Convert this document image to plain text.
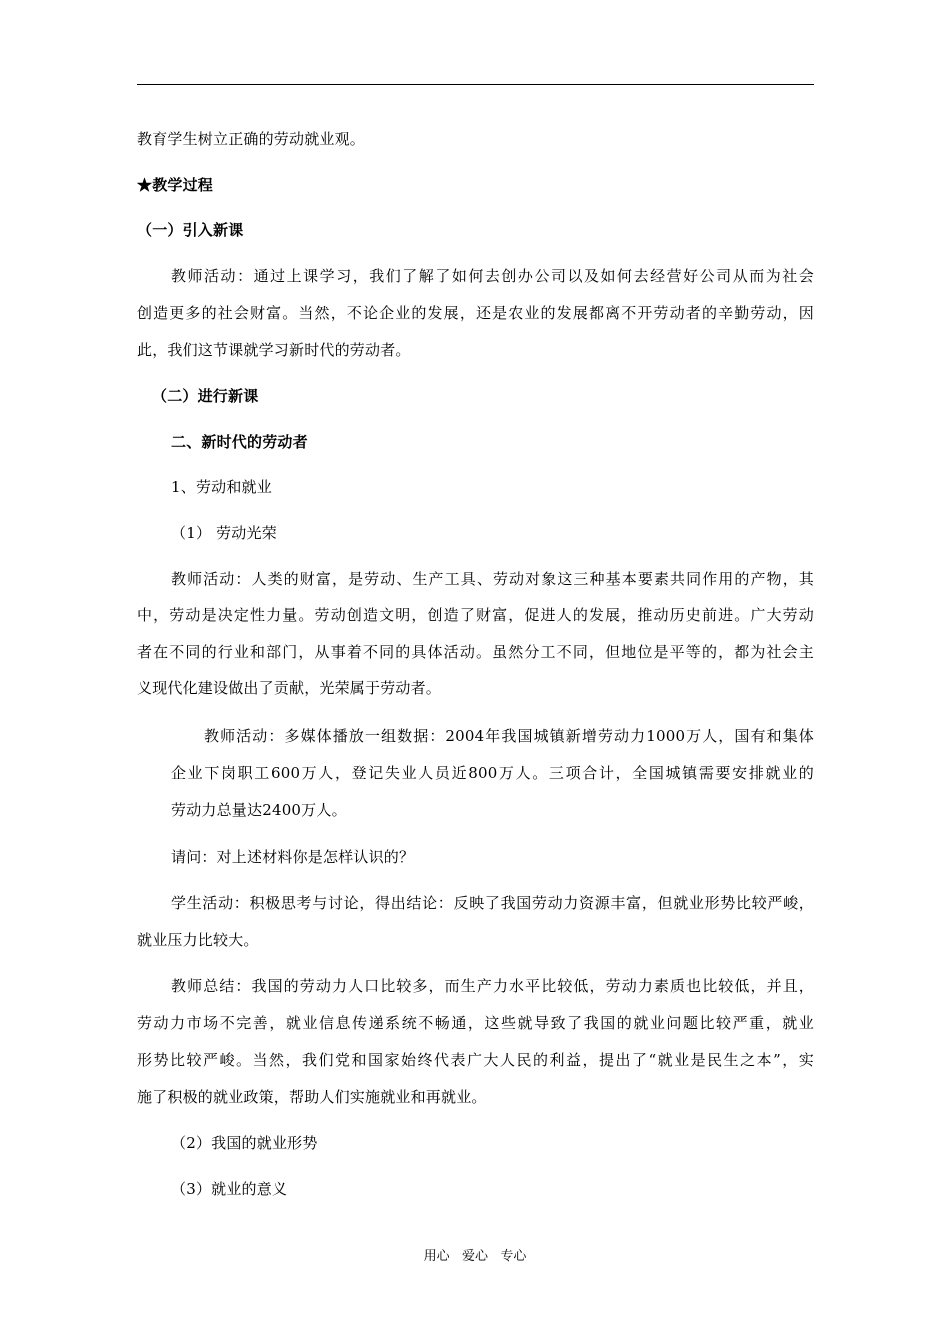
教育学生树立正确的劳动就业观。
★教学过程
（一）引入新课
教师活动：通过上课学习，我们了解了如何去创办公司以及如何去经营好公司从而为社会
创造更多的社会财富。当然，不论企业的发展，还是农业的发展都离不开劳动者的辛勤劳动，因
此，我们这节课就学习新时代的劳动者。
（二）进行新课
二、新时代的劳动者
1、劳动和就业
（1） 劳动光荣
教师活动：人类的财富，是劳动、生产工具、劳动对象这三种基本要素共同作用的产物，其
中，劳动是决定性力量。劳动创造文明，创造了财富，促进人的发展，推动历史前进。广大劳动
者在不同的行业和部门，从事着不同的具体活动。虽然分工不同，但地位是平等的，都为社会主
义现代化建设做出了贡献，光荣属于劳动者。
教师活动：多媒体播放一组数据：2004年我国城镇新增劳动力1000万人，国有和集体
企业下岗职工600万人，登记失业人员近800万人。三项合计，全国城镇需要安排就业的
劳动力总量达2400万人。
请问：对上述材料你是怎样认识的？
学生活动：积极思考与讨论，得出结论：反映了我国劳动力资源丰富，但就业形势比较严峻，
就业压力比较大。
教师总结：我国的劳动力人口比较多，而生产力水平比较低，劳动力素质也比较低，并且，
劳动力市场不完善，就业信息传递系统不畅通，这些就导致了我国的就业问题比较严重，就业
形势比较严峻。当然，我们党和国家始终代表广大人民的利益，提出了“就业是民生之本”，实
施了积极的就业政策，帮助人们实施就业和再就业。
（2）我国的就业形势
（3）就业的意义
用心   爱心   专心
